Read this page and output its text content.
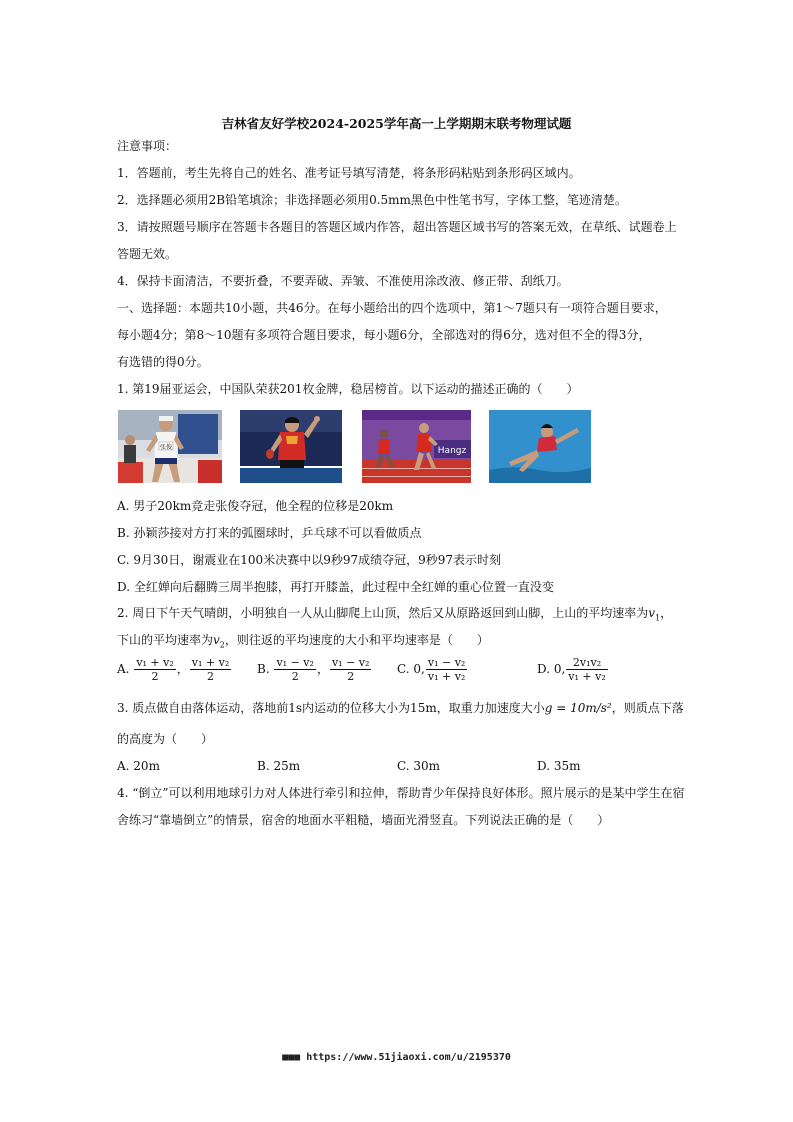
吉林省友好学校2024-2025学年高一上学期期末联考物理试题
注意事项：
1．答题前，考生先将自己的姓名、准考证号填写清楚，将条形码粘贴到条形码区域内。
2．选择题必须用2B铅笔填涂；非选择题必须用0.5mm黑色中性笔书写，字体工整，笔迹清楚。
3．请按照题号顺序在答题卡各题目的答题区域内作答，超出答题区域书写的答案无效，在草纸、试题卷上
答题无效。
4．保持卡面清洁，不要折叠，不要弄破、弄皱、不准使用涂改液、修正带、刮纸刀。
一、选择题：本题共10小题，共46分。在每小题给出的四个选项中，第1～7题只有一项符合题目要求，
每小题4分；第8～10题有多项符合题目要求，每小题6分，全部选对的得6分，选对但不全的得3分，
有选错的得0分。
1. 第19届亚运会，中国队荣获201枚金牌，稳居榜首。以下运动的描述正确的（　　）
张俊	Hangz
A. 男子20km竞走张俊夺冠，他全程的位移是20km
B. 孙颖莎接对方打来的弧圈球时，乒乓球不可以看做质点
C. 9月30日，谢震业在100米决赛中以9秒97成绩夺冠，9秒97表示时刻
D. 全红婵向后翻腾三周半抱膝，再打开膝盖，此过程中全红婵的重心位置一直没变
2. 周日下午天气晴朗，小明独自一人从山脚爬上山顶，然后又从原路返回到山脚，上山的平均速率为$v_1$，
下山的平均速率为$v_2$，则往返的平均速度的大小和平均速率是（　　）
A. $\frac{\text{v₁ + v₂}}{2}$ ， $\frac{\text{v₁ + v₂}}{2} B$. $\frac{\text{v₁ − v₂}}{2}$ ， $\frac{\text{v₁ − v₂}}{2} C$. 0, $\frac{\text{v₁ − v₂}}{\text{v₁ + v₂}}$	D. 0, $\frac{\text{2v₁v₂}}{\text{v₁ + v₂}}$
3. 质点做自由落体运动，落地前1s内运动的位移大小为15m，取重力加速度大小g = 10m/s²，则质点下落
的高度为（　　）
A. 20m	B. 25m	C. 30m	D. 35m
4. “倒立”可以利用地球引力对人体进行牵引和拉伸，帮助青少年保持良好体形。照片展示的是某中学生在宿
舍练习“靠墙倒立”的情景，宿舍的地面水平粗糙，墙面光滑竖直。下列说法正确的是（　　）
■■■ https://www.51jiaoxi.com/u/2195370
